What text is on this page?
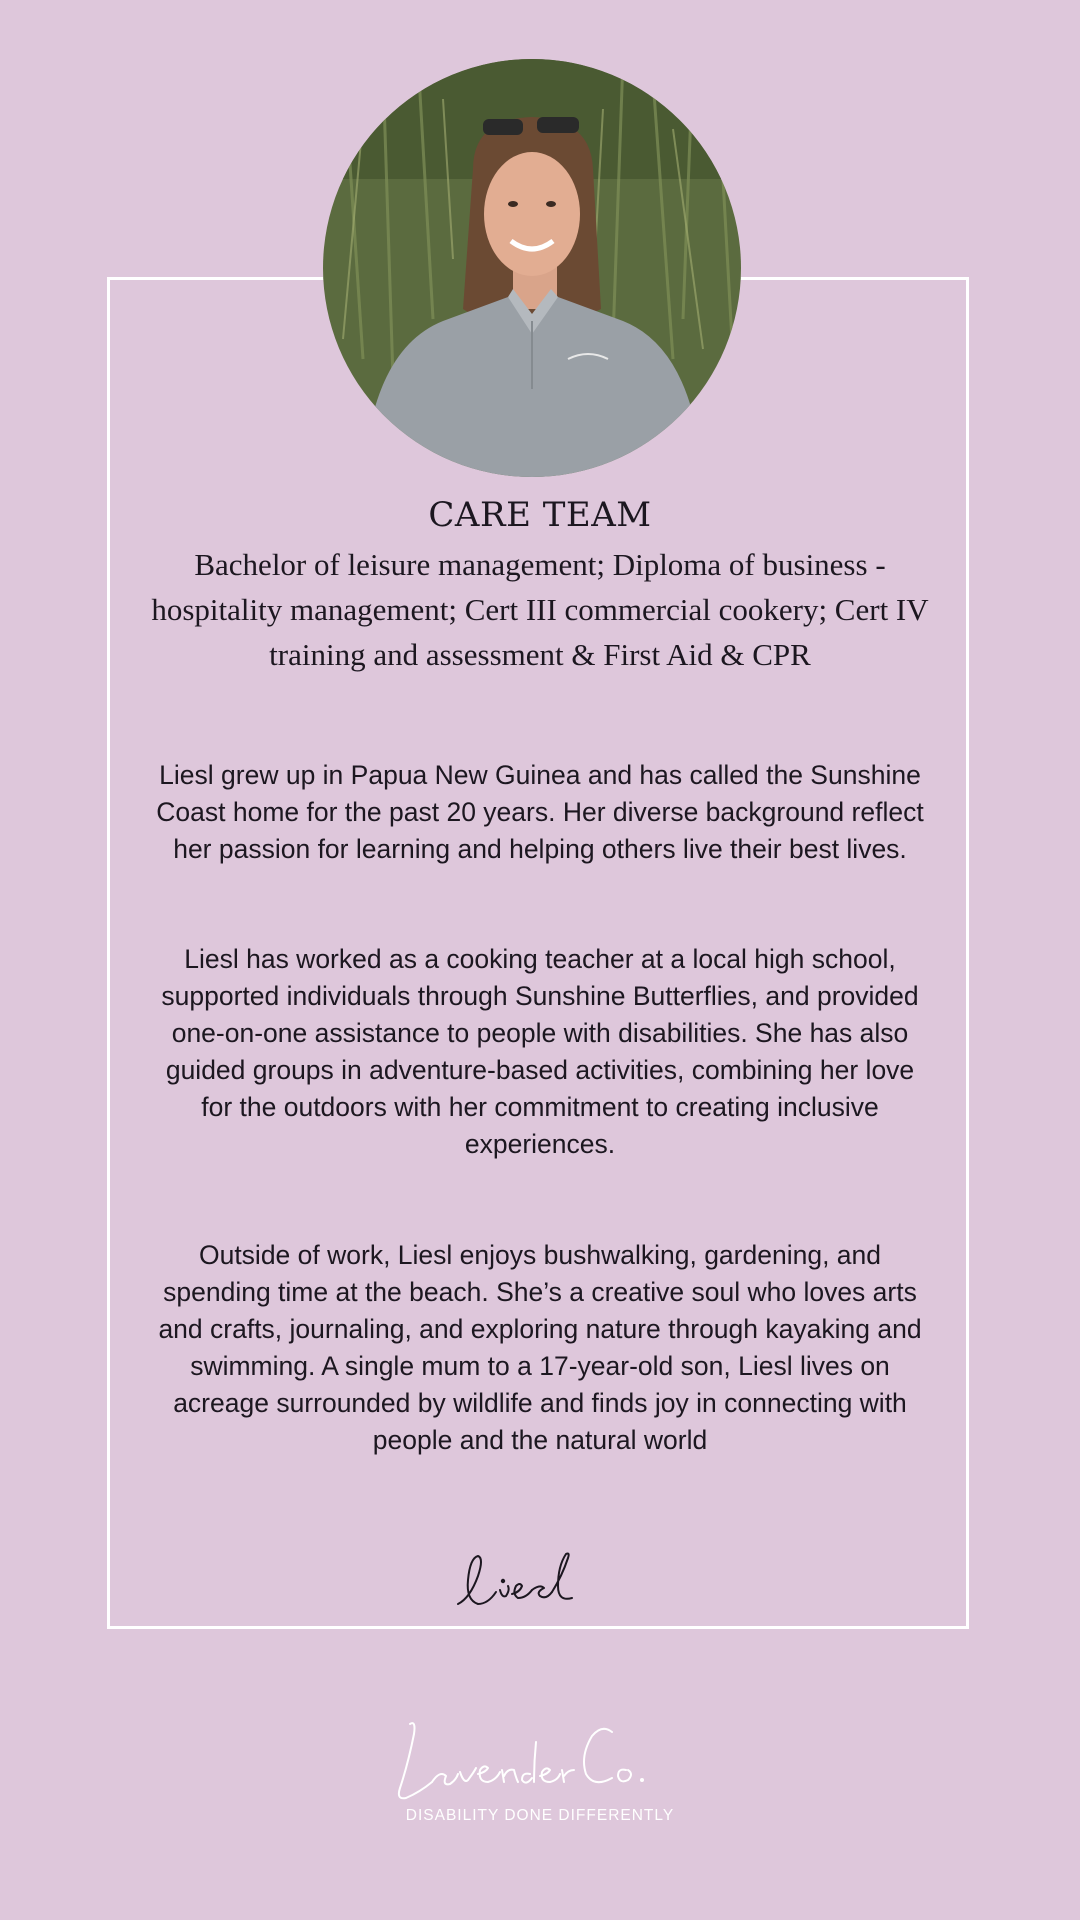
CARE TEAM
Bachelor of leisure management; Diploma of business - hospitality management; Cert III commercial cookery; Cert IV training and assessment & First Aid & CPR

Liesl grew up in Papua New Guinea and has called the Sunshine Coast home for the past 20 years. Her diverse background reflect her passion for learning and helping others live their best lives.

Liesl has worked as a cooking teacher at a local high school, supported individuals through Sunshine Butterflies, and provided one-on-one assistance to people with disabilities. She has also guided groups in adventure-based activities, combining her love for the outdoors with her commitment to creating inclusive experiences.

Outside of work, Liesl enjoys bushwalking, gardening, and spending time at the beach. She’s a creative soul who loves arts and crafts, journaling, and exploring nature through kayaking and swimming. A single mum to a 17-year-old son, Liesl lives on acreage surrounded by wildlife and finds joy in connecting with people and the natural world

DISABILITY DONE DIFFERENTLY
